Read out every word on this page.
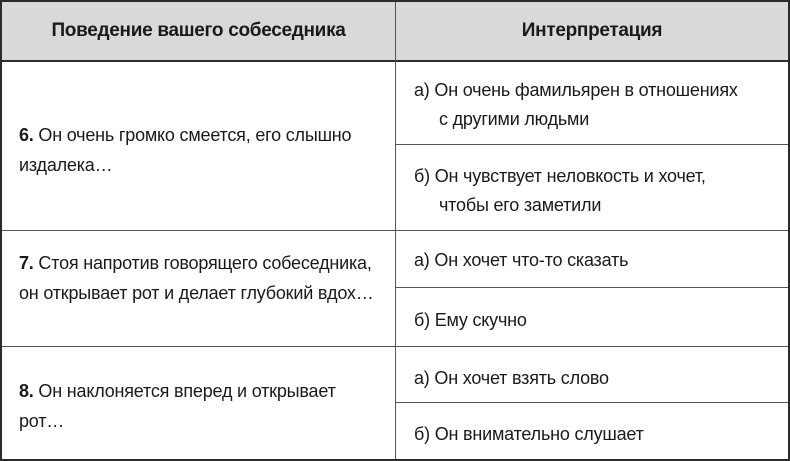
Поведение вашего собеседника	Интерпретация
6. Он очень громко смеется, его слышно издалека…
а) Он очень фамильярен в отношениях
с другими людьми
б) Он чувствует неловкость и хочет,
чтобы его заметили
7. Стоя напротив говорящего собеседника, он открывает рот и делает глубокий вдох…
а) Он хочет что-то сказать
б) Ему скучно
8. Он наклоняется вперед и открывает рот…
а) Он хочет взять слово
б) Он внимательно слушает
